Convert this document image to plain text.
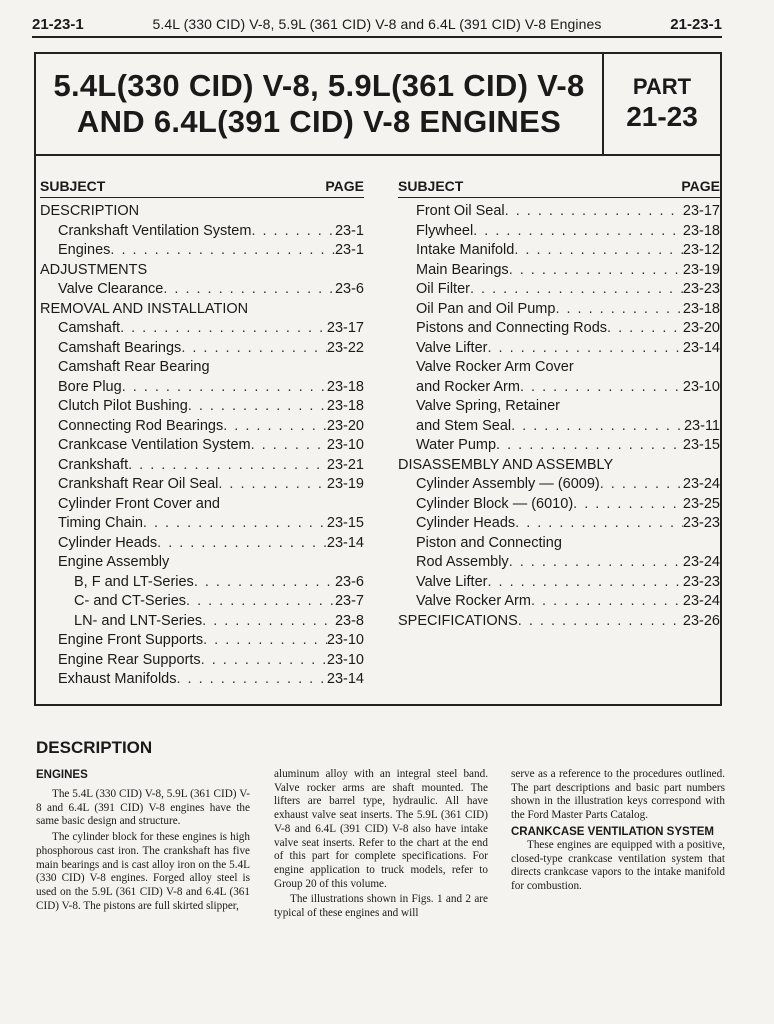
21-23-1	5.4L (330 CID) V-8, 5.9L (361 CID) V-8 and 6.4L (391 CID) V-8 Engines	21-23-1
5.4L(330 CID) V-8, 5.9L(361 CID) V-8
AND 6.4L(391 CID) V-8 ENGINES
PART
21-23
SUBJECT	PAGE
DESCRIPTION
Crankshaft Ventilation System . . .	23-1
Engines . . .	23-1
ADJUSTMENTS
Valve Clearance . . .	23-6
REMOVAL AND INSTALLATION
Camshaft . . .	23-17
Camshaft Bearings . . .	23-22
Camshaft Rear Bearing
Bore Plug . . .	23-18
Clutch Pilot Bushing . . .	23-18
Connecting Rod Bearings . . .	23-20
Crankcase Ventilation System . . .	23-10
Crankshaft . . .	23-21
Crankshaft Rear Oil Seal . . .	23-19
Cylinder Front Cover and
Timing Chain . . .	23-15
Cylinder Heads . . .	23-14
Engine Assembly
B, F and LT-Series . . .	23-6
C- and CT-Series . . .	23-7
LN- and LNT-Series . . .	23-8
Engine Front Supports . . .	23-10
Engine Rear Supports . . .	23-10
Exhaust Manifolds . . .	23-14
SUBJECT	PAGE
Front Oil Seal . . .	23-17
Flywheel . . .	23-18
Intake Manifold . . .	23-12
Main Bearings . . .	23-19
Oil Filter . . .	23-23
Oil Pan and Oil Pump . . .	23-18
Pistons and Connecting Rods . . .	23-20
Valve Lifter . . .	23-14
Valve Rocker Arm Cover
and Rocker Arm . . .	23-10
Valve Spring, Retainer
and Stem Seal . . .	23-11
Water Pump . . .	23-15
DISASSEMBLY AND ASSEMBLY
Cylinder Assembly — (6009) . . .	23-24
Cylinder Block — (6010) . . .	23-25
Cylinder Heads . . .	23-23
Piston and Connecting
Rod Assembly . . .	23-24
Valve Lifter . . .	23-23
Valve Rocker Arm . . .	23-24
SPECIFICATIONS . . .	23-26
DESCRIPTION
ENGINES

The 5.4L (330 CID) V-8, 5.9L (361 CID) V-8 and 6.4L (391 CID) V-8 engines have the same basic design and structure.

The cylinder block for these engines is high phosphorous cast iron. The crankshaft has five main bearings and is cast alloy iron on the 5.4L (330 CID) V-8 engines. Forged alloy steel is used on the 5.9L (361 CID) V-8 and 6.4L (361 CID) V-8. The pistons are full skirted slipper,

aluminum alloy with an integral steel band. Valve rocker arms are shaft mounted. The lifters are barrel type, hydraulic. All have exhaust valve seat inserts. The 5.9L (361 CID) V-8 and 6.4L (391 CID) V-8 also have intake valve seat inserts. Refer to the chart at the end of this part for complete specifications. For engine application to truck models, refer to Group 20 of this volume.

The illustrations shown in Figs. 1 and 2 are typical of these engines and will

serve as a reference to the procedures outlined. The part descriptions and basic part numbers shown in the illustration keys correspond with the Ford Master Parts Catalog.

CRANKCASE VENTILATION SYSTEM

These engines are equipped with a positive, closed-type crankcase ventilation system that directs crankcase vapors to the intake manifold for combustion.
